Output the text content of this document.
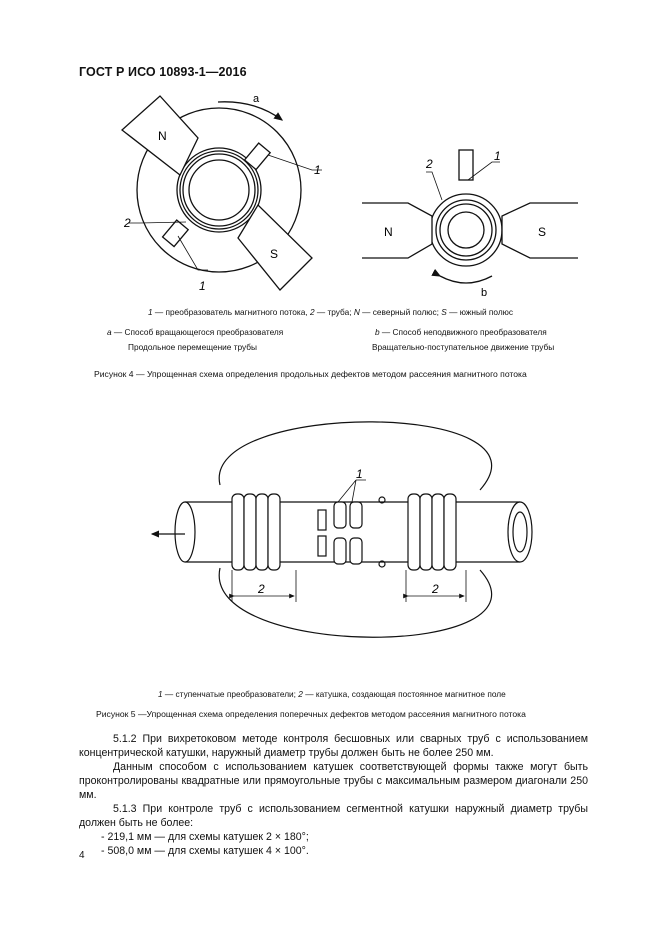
ГОСТ Р ИСО 10893-1—2016
N
S
a
1
2
1
N	S
1
2
b
1 — преобразователь магнитного потока, 2 — труба; N — северный полюс; S — южный полюс
a — Способ вращающегося преобразователя
Продольное перемещение трубы
b — Способ неподвижного преобразователя
Вращательно-поступательное движение трубы
Рисунок 4 — Упрощенная схема определения продольных дефектов методом рассеяния магнитного потока
1
2	2
1 — ступенчатые преобразователи; 2 — катушка, создающая постоянное магнитное поле
Рисунок 5 —Упрощенная схема определения поперечных дефектов методом рассеяния магнитного потока

5.1.2 При вихретоковом методе контроля бесшовных или сварных труб с использованием концентрической катушки, наружный диаметр трубы должен быть не более 250 мм.

Данным способом с использованием катушек соответствующей формы также могут быть проконтролированы квадратные или прямоугольные трубы с максимальным размером диагонали 250 мм.

5.1.3 При контроле труб с использованием сегментной катушки наружный диаметр трубы должен быть не более:

- 219,1 мм — для схемы катушек 2 × 180°;

- 508,0 мм — для схемы катушек 4 × 100°.

4
